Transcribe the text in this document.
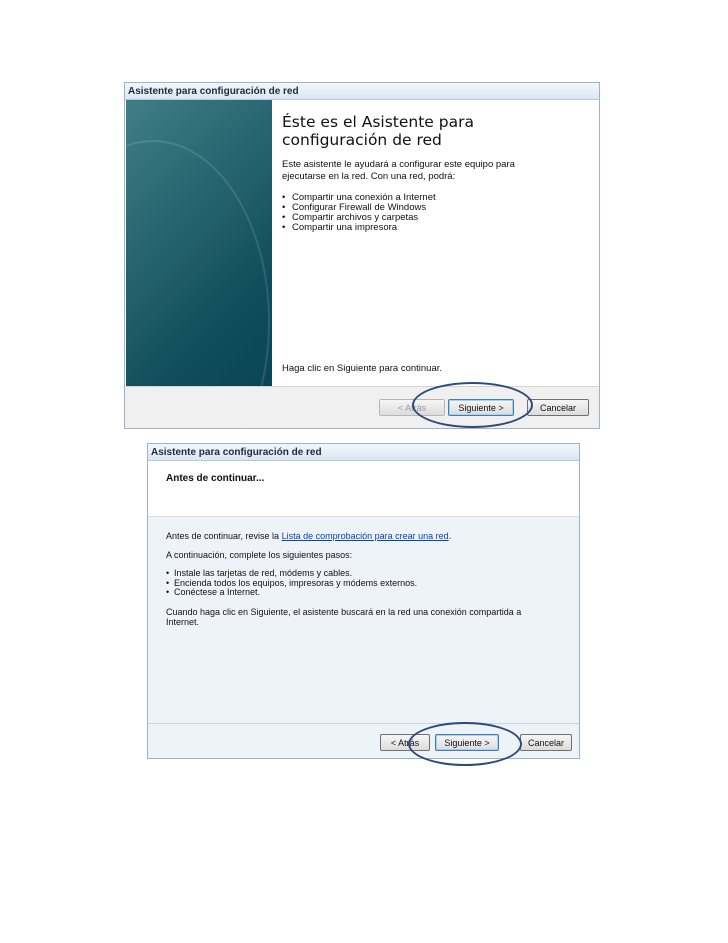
Asistente para configuración de red
Éste es el Asistente para
configuración de red
Este asistente le ayudará a configurar este equipo para
ejecutarse en la red. Con una red, podrá:
• Compartir una conexión a Internet
• Configurar Firewall de Windows
• Compartir archivos y carpetas
• Compartir una impresora
Haga clic en Siguiente para continuar.
< Atrás	Siguiente >	Cancelar
Asistente para configuración de red
Antes de continuar...

Antes de continuar, revise la Lista de comprobación para crear una red.

A continuación, complete los siguientes pasos:

• Instale las tarjetas de red, módems y cables.
• Encienda todos los equipos, impresoras y módems externos.
• Conéctese a Internet.

Cuando haga clic en Siguiente, el asistente buscará en la red una conexión compartida a
Internet.

< Atrás	Siguiente >	Cancelar
